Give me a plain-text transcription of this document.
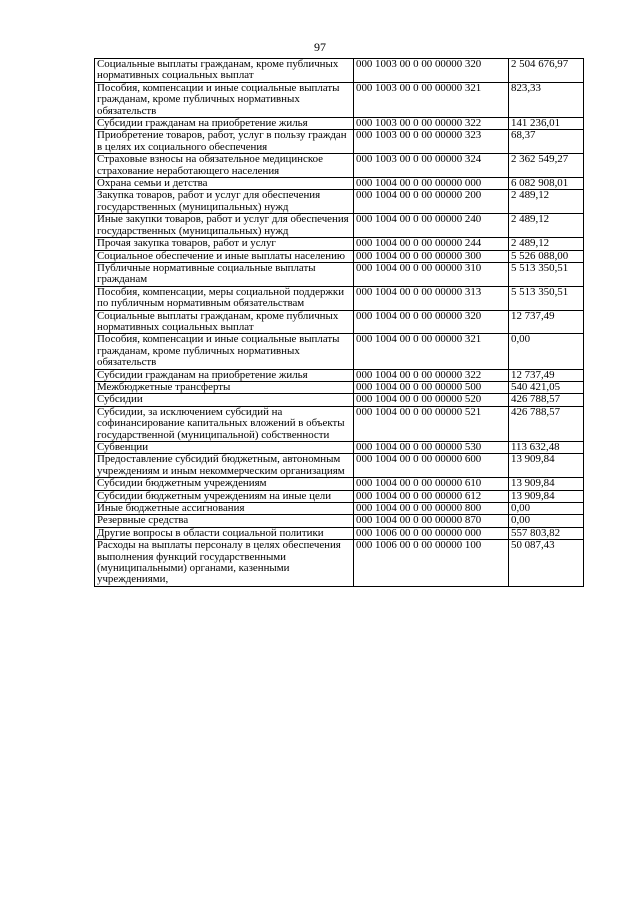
97
Социальные выплаты гражданам, кроме публичных нормативных социальных выплат	000 1003 00 0 00 00000 320	2 504 676,97
Пособия, компенсации и иные социальные выплаты гражданам, кроме публичных нормативных обязательств	000 1003 00 0 00 00000 321	823,33
Субсидии гражданам на приобретение жилья	000 1003 00 0 00 00000 322	141 236,01
Приобретение товаров, работ, услуг в пользу граждан в целях их социального обеспечения	000 1003 00 0 00 00000 323	68,37
Страховые взносы на обязательное медицинское страхование неработающего населения	000 1003 00 0 00 00000 324	2 362 549,27
Охрана семьи и детства	000 1004 00 0 00 00000 000	6 082 908,01
Закупка товаров, работ и услуг для обеспечения государственных (муниципальных) нужд	000 1004 00 0 00 00000 200	2 489,12
Иные закупки товаров, работ и услуг для обеспечения государственных (муниципальных) нужд	000 1004 00 0 00 00000 240	2 489,12
Прочая закупка товаров, работ и услуг	000 1004 00 0 00 00000 244	2 489,12
Социальное обеспечение и иные выплаты населению	000 1004 00 0 00 00000 300	5 526 088,00
Публичные нормативные социальные выплаты гражданам	000 1004 00 0 00 00000 310	5 513 350,51
Пособия, компенсации, меры социальной поддержки по публичным нормативным обязательствам	000 1004 00 0 00 00000 313	5 513 350,51
Социальные выплаты гражданам, кроме публичных нормативных социальных выплат	000 1004 00 0 00 00000 320	12 737,49
Пособия, компенсации и иные социальные выплаты гражданам, кроме публичных нормативных обязательств	000 1004 00 0 00 00000 321	0,00
Субсидии гражданам на приобретение жилья	000 1004 00 0 00 00000 322	12 737,49
Межбюджетные трансферты	000 1004 00 0 00 00000 500	540 421,05
Субсидии	000 1004 00 0 00 00000 520	426 788,57
Субсидии, за исключением субсидий на софинансирование капитальных вложений в объекты государственной (муниципальной) собственности	000 1004 00 0 00 00000 521	426 788,57
Субвенции	000 1004 00 0 00 00000 530	113 632,48
Предоставление субсидий бюджетным, автономным учреждениям и иным некоммерческим организациям	000 1004 00 0 00 00000 600	13 909,84
Субсидии бюджетным учреждениям	000 1004 00 0 00 00000 610	13 909,84
Субсидии бюджетным учреждениям на иные цели	000 1004 00 0 00 00000 612	13 909,84
Иные бюджетные ассигнования	000 1004 00 0 00 00000 800	0,00
Резервные средства	000 1004 00 0 00 00000 870	0,00
Другие вопросы в области социальной политики	000 1006 00 0 00 00000 000	557 803,82
Расходы на выплаты персоналу в целях обеспечения выполнения функций государственными (муниципальными) органами, казенными учреждениями,	000 1006 00 0 00 00000 100	50 087,43
